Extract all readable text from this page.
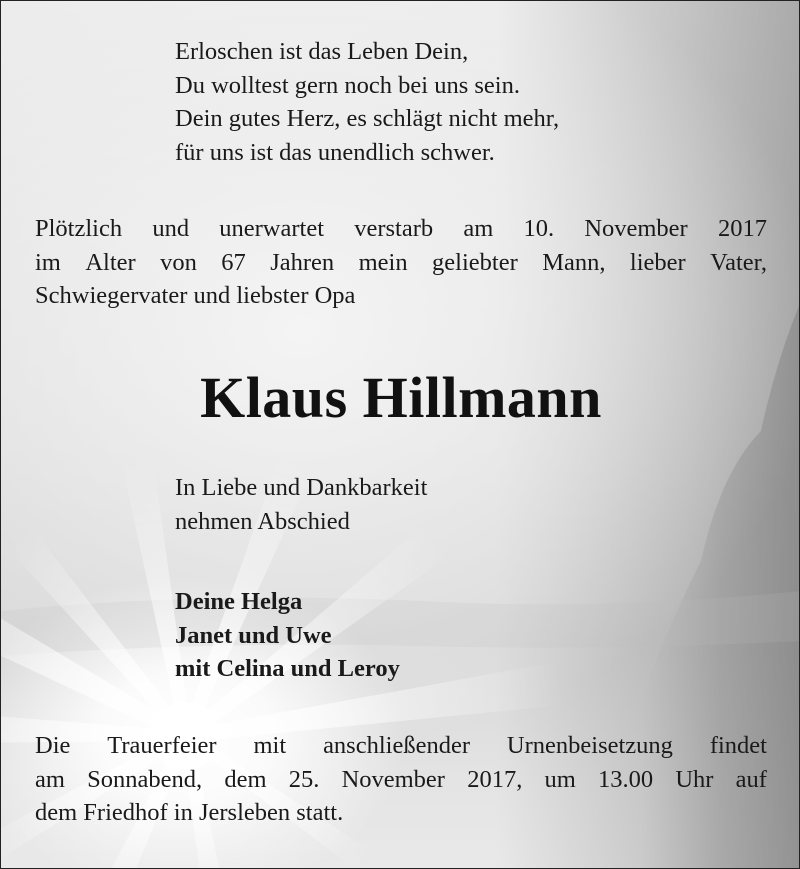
Erloschen ist das Leben Dein,
Du wolltest gern noch bei uns sein.
Dein gutes Herz, es schlägt nicht mehr,
für uns ist das unendlich schwer.
Plötzlich und unerwartet verstarb am 10. November 2017
im Alter von 67 Jahren mein geliebter Mann, lieber Vater,
Schwiegervater und liebster Opa
Klaus Hillmann
In Liebe und Dankbarkeit
nehmen Abschied
Deine Helga
Janet und Uwe
mit Celina und Leroy
Die Trauerfeier mit anschließender Urnenbeisetzung findet
am Sonnabend, dem 25. November 2017, um 13.00 Uhr auf
dem Friedhof in Jersleben statt.
